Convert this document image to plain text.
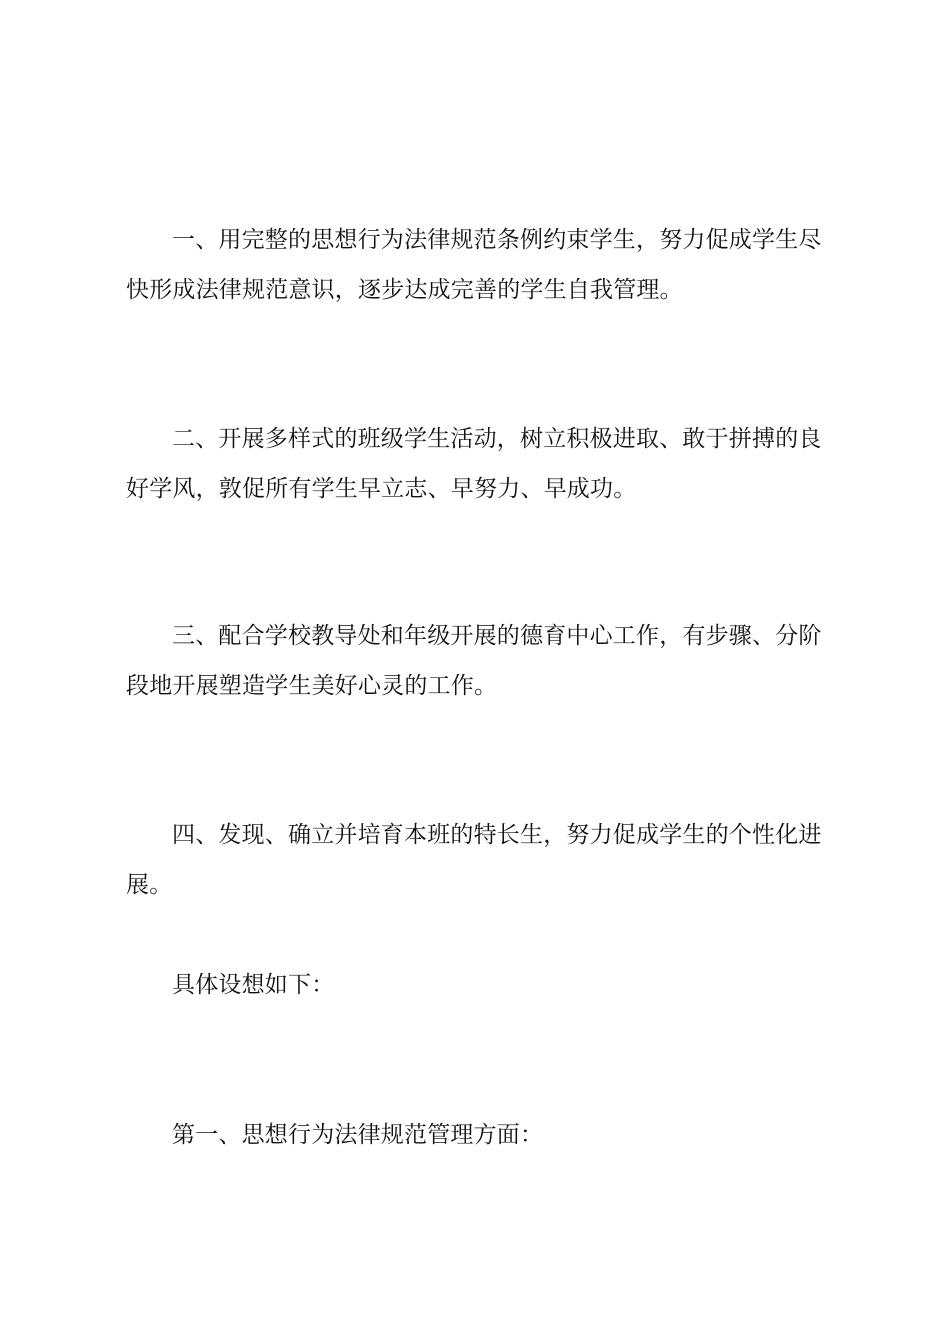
一、用完整的思想行为法律规范条例约束学生，努力促成学生尽快形成法律规范意识，逐步达成完善的学生自我管理。

二、开展多样式的班级学生活动，树立积极进取、敢于拼搏的良好学风，敦促所有学生早立志、早努力、早成功。

三、配合学校教导处和年级开展的德育中心工作，有步骤、分阶段地开展塑造学生美好心灵的工作。

四、发现、确立并培育本班的特长生，努力促成学生的个性化进展。

具体设想如下：

第一、思想行为法律规范管理方面：
